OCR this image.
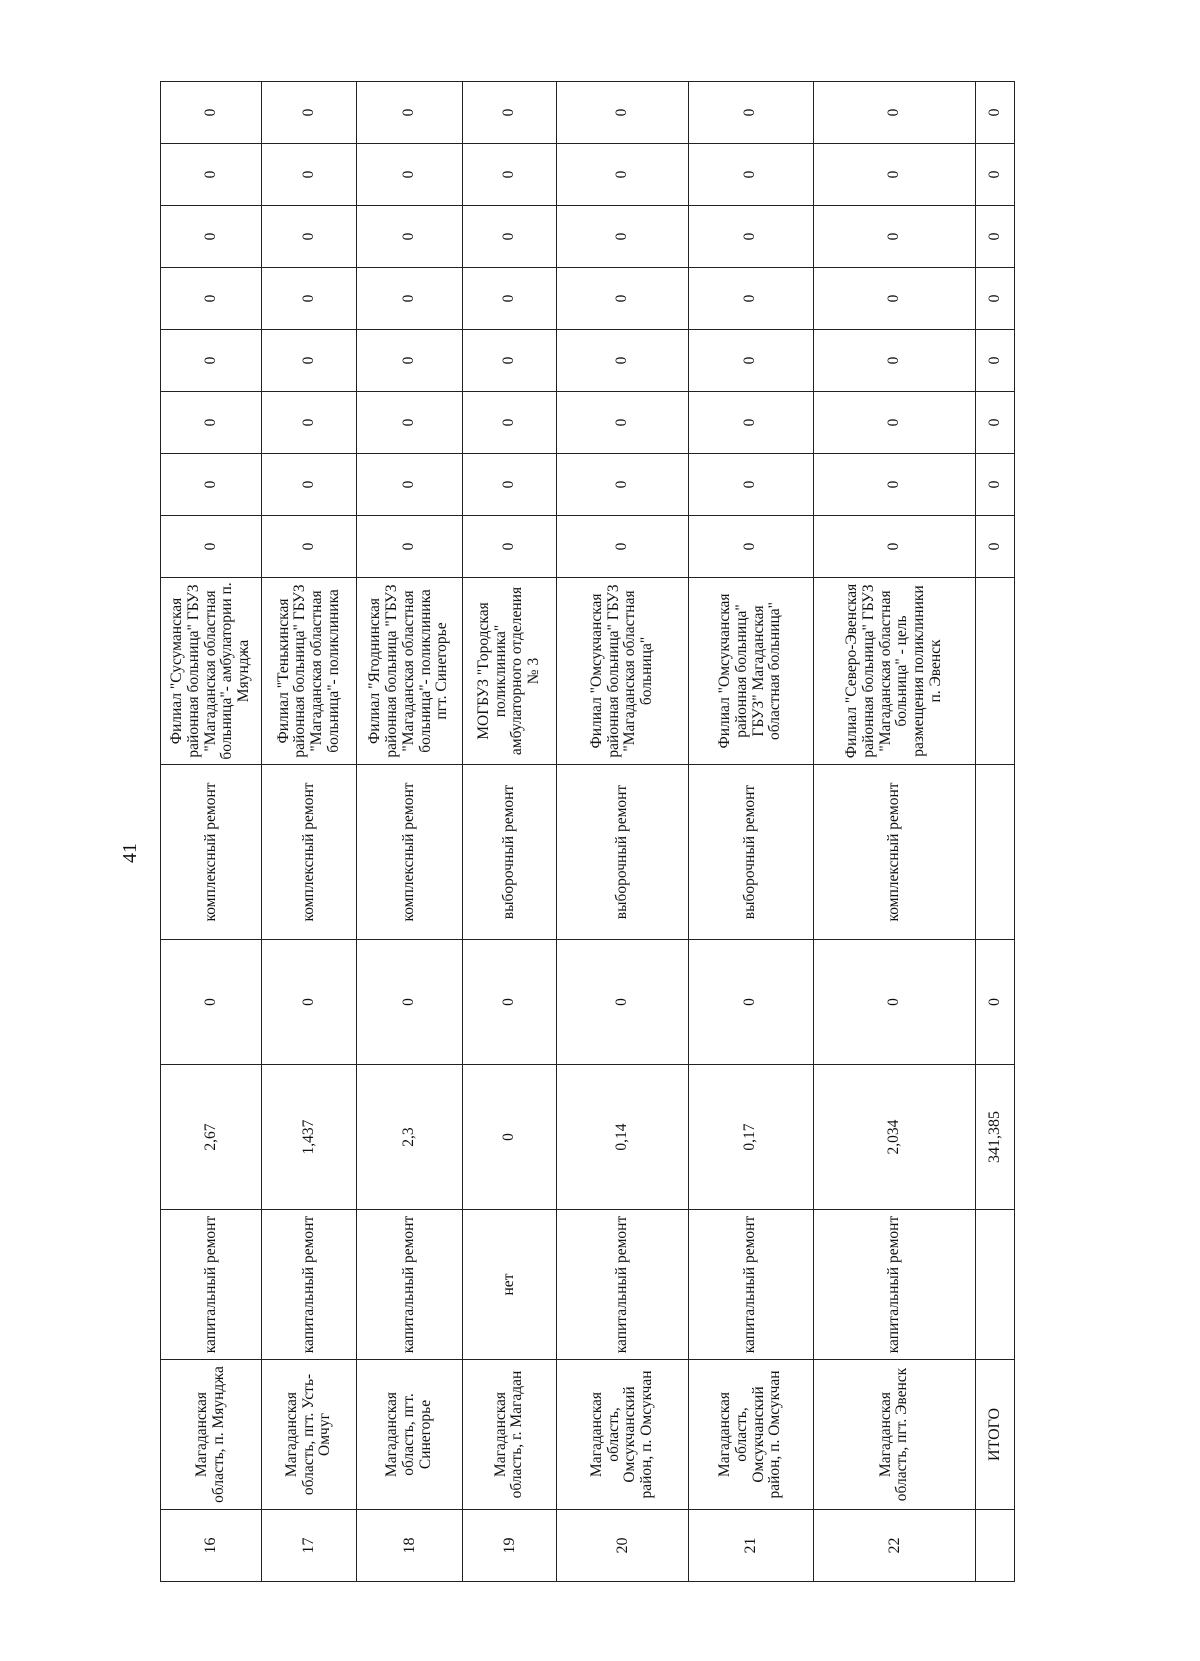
41
16	Магаданская область, п. Мяунджа	капитальный ремонт	2,67	0	комплексный ремонт	Филиал "Сусуманская районная больница" ГБУЗ "Магаданская областная больница"- амбулатории п. Мяунджа	0	0	0	0	0	0	0	0
17	Магаданская область, пгт. Усть-Омчуг	капитальный ремонт	1,437	0	комплексный ремонт	Филиал "Тенькинская районная больница" ГБУЗ "Магаданская областная больница"- поликлиника	0	0	0	0	0	0	0	0
18	Магаданская область, пгт. Синегорье	капитальный ремонт	2,3	0	комплексный ремонт	Филиал "Ягоднинская районная больница "ГБУЗ "Магаданская областная больница"- поликлиника пгт. Синегорье	0	0	0	0	0	0	0	0
19	Магаданская область, г. Магадан	нет	0	0	выборочный ремонт	МОГБУЗ "Городская поликлиника" амбулаторного отделения № 3	0	0	0	0	0	0	0	0
20	Магаданская область, Омсукчанский район, п. Омсукчан	капитальный ремонт	0,14	0	выборочный ремонт	Филиал "Омсукчанская районная больница" ГБУЗ "Магаданская областная больница"	0	0	0	0	0	0	0	0
21	Магаданская область, Омсукчанский район, п. Омсукчан	капитальный ремонт	0,17	0	выборочный ремонт	Филиал "Омсукчанская районная больница" ГБУЗ" Магаданская областная больница"	0	0	0	0	0	0	0	0
22	Магаданская область, пгт. Эвенск	капитальный ремонт	2,034	0	комплексный ремонт	Филиал "Северо-Эвенская районная больница" ГБУЗ "Магаданская областная больница" - цель размещения поликлиники п. Эвенск	0	0	0	0	0	0	0	0
	ИТОГО		341,385	0			0	0	0	0	0	0	0	0
